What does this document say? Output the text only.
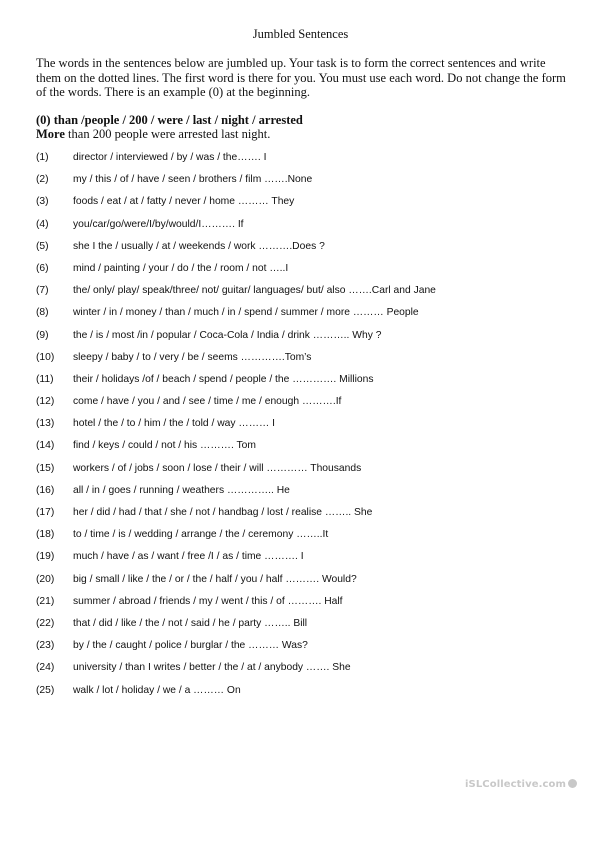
Jumbled Sentences

The words in the sentences below are jumbled up. Your task is to form the correct sentences and write them on the dotted lines. The first word is there for you. You must use each word. Do not change the form of the words. There is an example (0) at the beginning.

(0) than /people / 200 / were / last / night / arrested
More than 200 people were arrested last night.
(1) director / interviewed / by / was / the……. I
(2) my / this / of / have / seen / brothers / film …….None
(3) foods / eat / at / fatty / never / home ……… They
(4) you/car/go/were/I/by/would/I………. If
(5) she I the / usually / at / weekends / work ……….Does ?
(6) mind / painting / your / do / the / room / not …..I
(7) the/ only/ play/ speak/three/ not/ guitar/ languages/ but/ also …….Carl and Jane
(8) winter / in / money / than / much / in / spend / summer / more ……… People
(9) the / is / most /in / popular / Coca-Cola / India / drink ……….. Why ?
(10) sleepy / baby / to / very / be / seems ………….Tom’s
(11) their / holidays /of / beach / spend / people / the …………. Millions
(12) come / have / you / and / see / time / me / enough ……….If
(13) hotel / the / to / him / the / told / way ……… I
(14) find / keys / could / not / his ………. Tom
(15) workers / of / jobs / soon / lose / their / will ………… Thousands
(16) all / in / goes / running / weathers ………….. He
(17) her / did / had / that / she / not / handbag / lost / realise …….. She
(18) to / time / is / wedding / arrange / the / ceremony ……..It
(19) much / have / as / want / free /I / as / time ………. I
(20) big / small / like / the / or / the / half / you / half ………. Would?
(21) summer / abroad / friends / my / went / this / of ………. Half
(22) that / did / like / the / not / said / he / party …….. Bill
(23) by / the / caught / police / burglar / the ……… Was?
(24) university / than I writes / better / the / at / anybody ……. She
(25) walk / lot / holiday / we / a ……… On
iSLCollective.com
